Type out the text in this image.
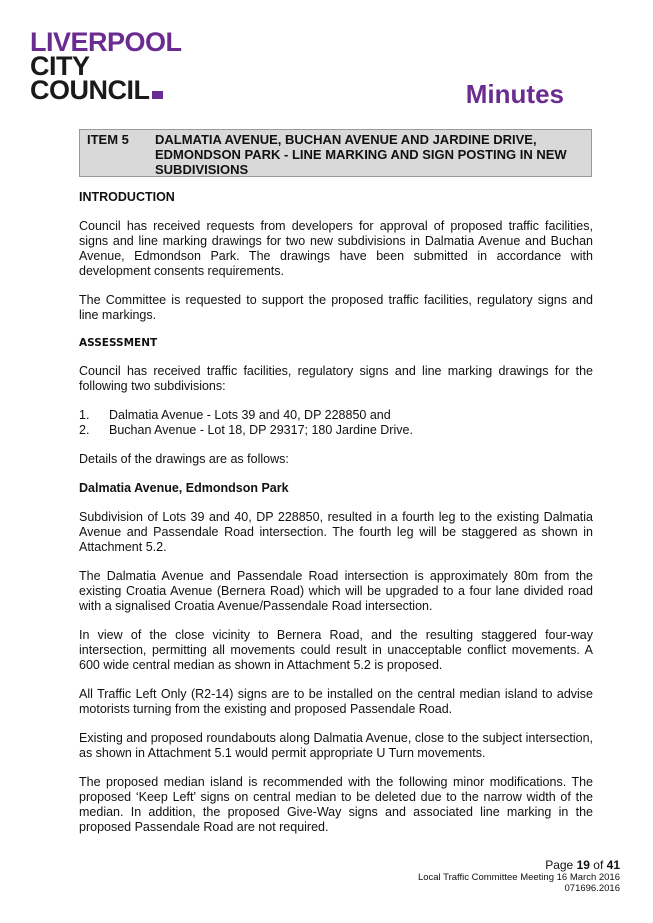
LIVERPOOL
CITY
COUNCIL	Minutes
ITEM 5 DALMATIA AVENUE, BUCHAN AVENUE AND JARDINE DRIVE, EDMONDSON PARK - LINE MARKING AND SIGN POSTING IN NEW SUBDIVISIONS
INTRODUCTION

Council has received requests from developers for approval of proposed traffic facilities, signs and line marking drawings for two new subdivisions in Dalmatia Avenue and Buchan Avenue, Edmondson Park. The drawings have been submitted in accordance with development consents requirements.

The Committee is requested to support the proposed traffic facilities, regulatory signs and line markings.

ASSESSMENT

Council has received traffic facilities, regulatory signs and line marking drawings for the following two subdivisions:

1.	Dalmatia Avenue - Lots 39 and 40, DP 228850 and
2.	Buchan Avenue - Lot 18, DP 29317; 180 Jardine Drive.

Details of the drawings are as follows:

Dalmatia Avenue, Edmondson Park

Subdivision of Lots 39 and 40, DP 228850, resulted in a fourth leg to the existing Dalmatia Avenue and Passendale Road intersection. The fourth leg will be staggered as shown in Attachment 5.2.

The Dalmatia Avenue and Passendale Road intersection is approximately 80m from the existing Croatia Avenue (Bernera Road) which will be upgraded to a four lane divided road with a signalised Croatia Avenue/Passendale Road intersection.

In view of the close vicinity to Bernera Road, and the resulting staggered four-way intersection, permitting all movements could result in unacceptable conflict movements. A 600 wide central median as shown in Attachment 5.2 is proposed.

All Traffic Left Only (R2-14) signs are to be installed on the central median island to advise motorists turning from the existing and proposed Passendale Road.

Existing and proposed roundabouts along Dalmatia Avenue, close to the subject intersection, as shown in Attachment 5.1 would permit appropriate U Turn movements.

The proposed median island is recommended with the following minor modifications. The proposed ‘Keep Left’ signs on central median to be deleted due to the narrow width of the median. In addition, the proposed Give-Way signs and associated line marking in the proposed Passendale Road are not required.

Page 19 of 41
Local Traffic Committee Meeting 16 March 2016
071696.2016
